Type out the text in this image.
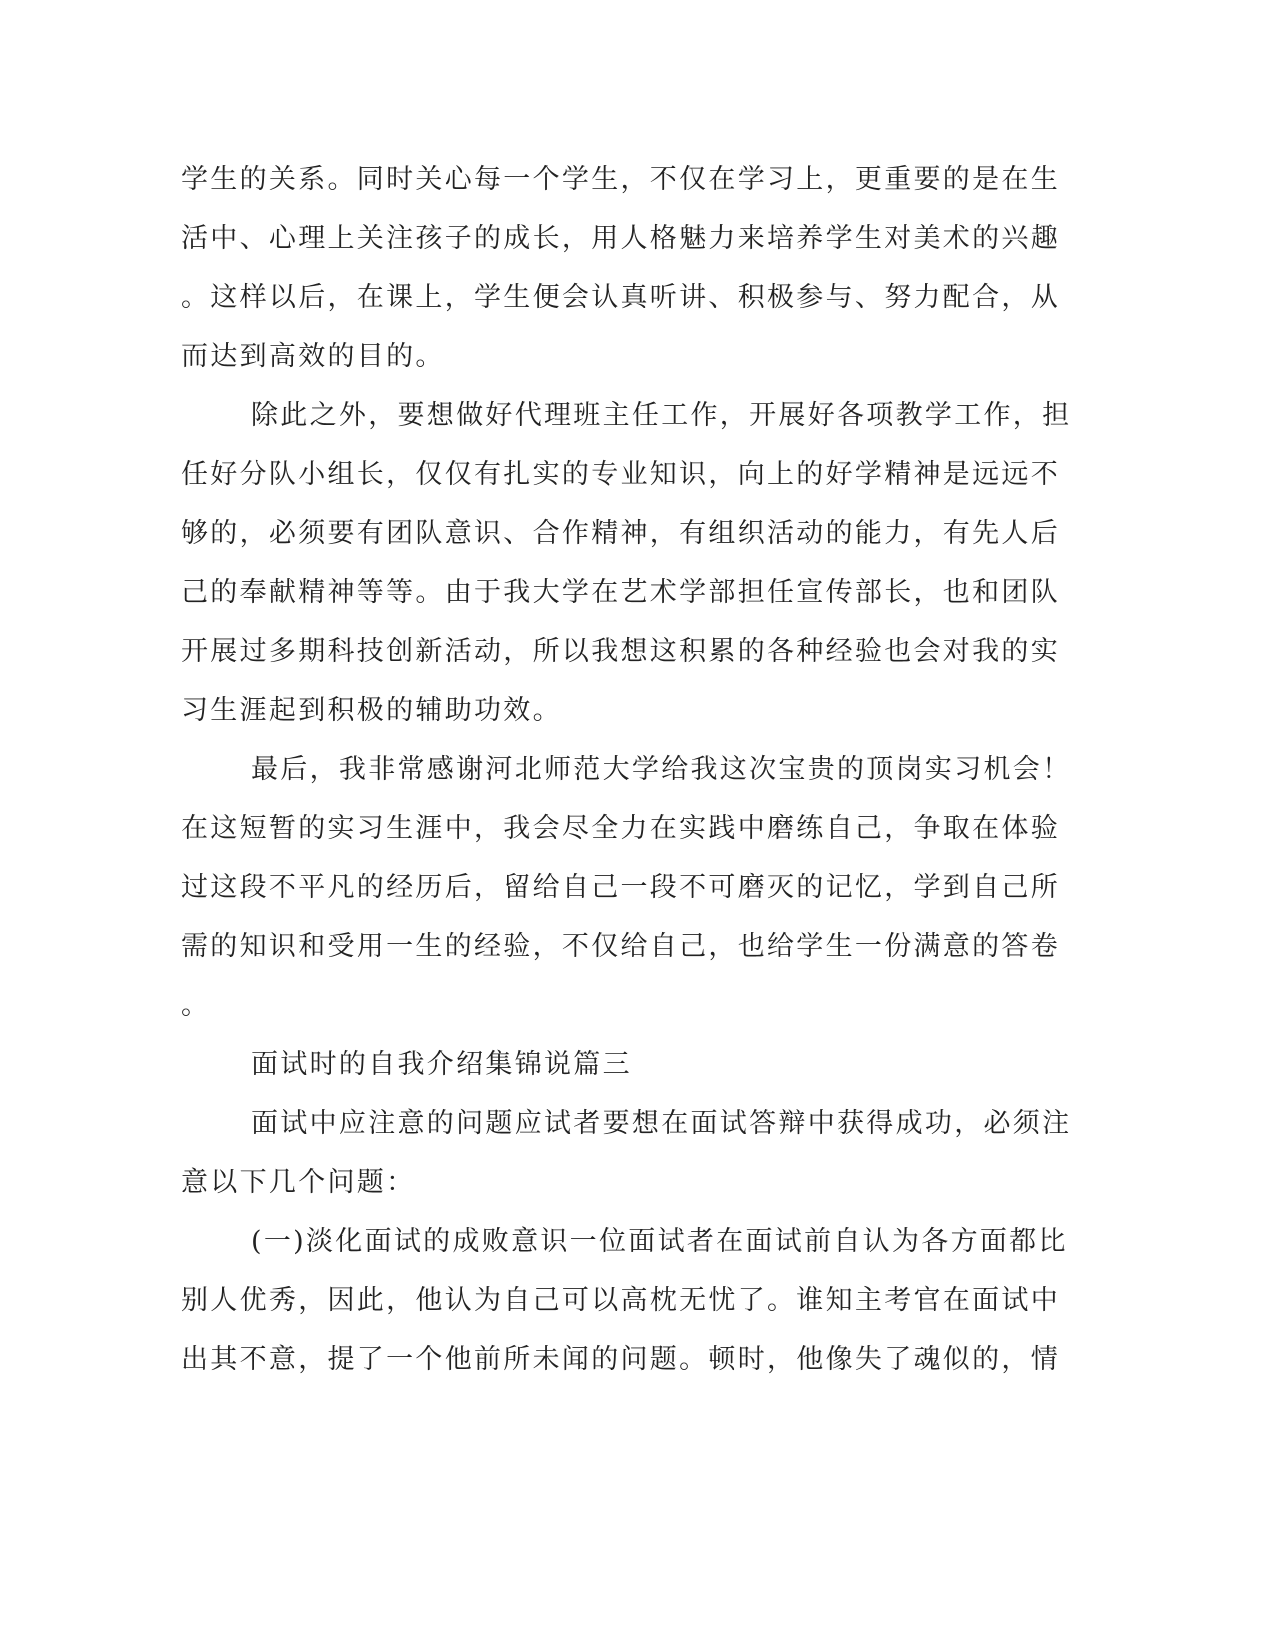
学生的关系。同时关心每一个学生，不仅在学习上，更重要的是在生
活中、心理上关注孩子的成长，用人格魅力来培养学生对美术的兴趣
。这样以后，在课上，学生便会认真听讲、积极参与、努力配合，从
而达到高效的目的。
除此之外，要想做好代理班主任工作，开展好各项教学工作，担
任好分队小组长，仅仅有扎实的专业知识，向上的好学精神是远远不
够的，必须要有团队意识、合作精神，有组织活动的能力，有先人后
己的奉献精神等等。由于我大学在艺术学部担任宣传部长，也和团队
开展过多期科技创新活动，所以我想这积累的各种经验也会对我的实
习生涯起到积极的辅助功效。
最后，我非常感谢河北师范大学给我这次宝贵的顶岗实习机会！
在这短暂的实习生涯中，我会尽全力在实践中磨练自己，争取在体验
过这段不平凡的经历后，留给自己一段不可磨灭的记忆，学到自己所
需的知识和受用一生的经验，不仅给自己，也给学生一份满意的答卷
。
面试时的自我介绍集锦说篇三
面试中应注意的问题应试者要想在面试答辩中获得成功，必须注
意以下几个问题：
(一)淡化面试的成败意识一位面试者在面试前自认为各方面都比
别人优秀，因此，他认为自己可以高枕无忧了。谁知主考官在面试中
出其不意，提了一个他前所未闻的问题。顿时，他像失了魂似的，情
